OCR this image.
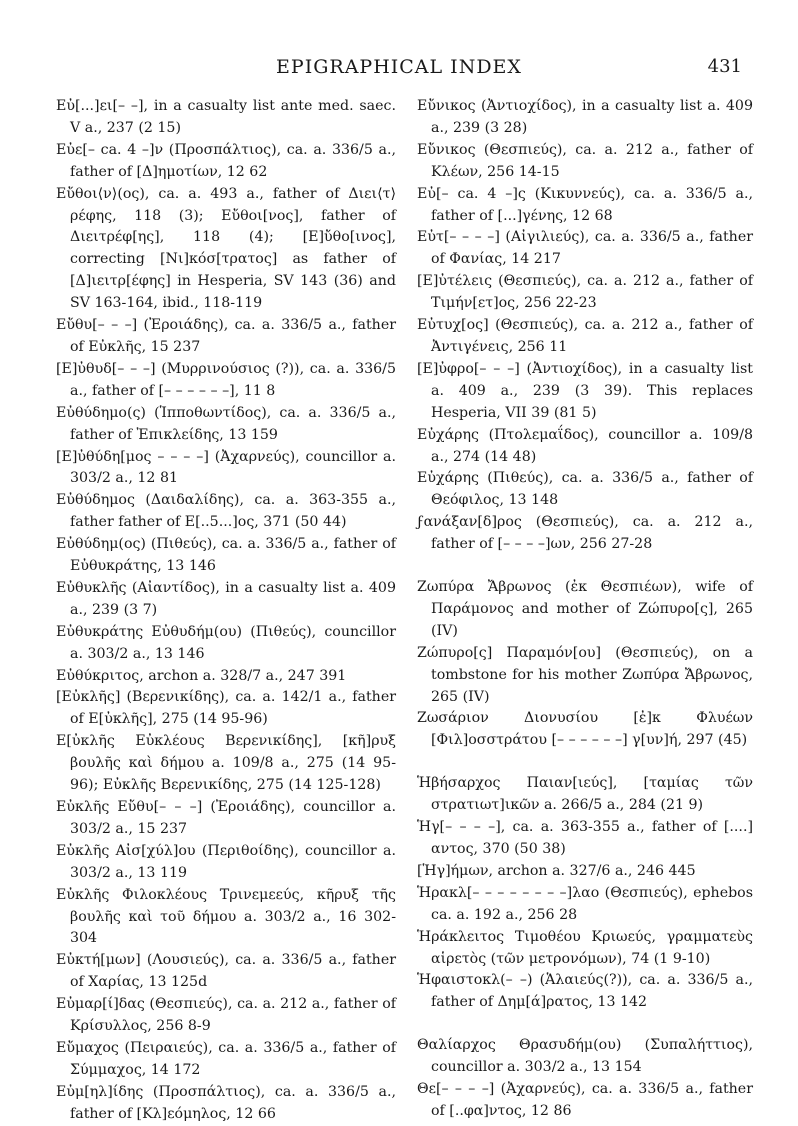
EPIGRAPHICAL INDEX	431

Εὐ[...]ει[– –], in a casualty list ante med. saec. V a., 237 (2 15)

Εὐε[– ca. 4 –]ν (Προσπάλτιος), ca. a. 336/5 a., father of [Δ]ημοτίων, 12 62

Εὔθοι⟨ν⟩(ος), ca. a. 493 a., father of Διει⟨τ⟩ρέφης, 118 (3); Εὔθοι[νος], father of Διειτρέφ[ης], 118 (4); [Ε]ὔθο[ινος], correcting [Νι]κόσ[τρατος] as father of [Δ]ιειτρ[έφης] in Hesperia, SV 143 (36) and SV 163-164, ibid., 118-119

Εὔθυ[– – –] (Ἐροιάδης), ca. a. 336/5 a., father of Εὐκλῆς, 15 237

[Ε]ὐθυδ[– – –] (Μυρρινούσιος (?)), ca. a. 336/5 a., father of [– – – – – –], 11 8

Εὐθύδημο(ς) (Ἱπποθωντίδος), ca. a. 336/5 a., father of Ἐπικλείδης, 13 159

[Ε]ὐθύδη[μος – – – –] (Ἀχαρνεύς), councillor a. 303/2 a., 12 81

Εὐθύδημος (Δαιδαλίδης), ca. a. 363-355 a., father father of Ε[..5...]ος, 371 (50 44)

Εὐθύδημ(ος) (Πιθεύς), ca. a. 336/5 a., father of Εὐθυκράτης, 13 146

Εὐθυκλῆς (Αἰαντίδος), in a casualty list a. 409 a., 239 (3 7)

Εὐθυκράτης Εὐθυδήμ(ου) (Πιθεύς), councillor a. 303/2 a., 13 146

Εὐθύκριτος, archon a. 328/7 a., 247 391

[Εὐκλῆς] (Βερενικίδης), ca. a. 142/1 a., father of Ε[ὐκλῆς], 275 (14 95-96)

Ε[ὐκλῆς Εὐκλέους Βερενικίδης], [κῆ]ρυξ βουλῆς καὶ δήμου a. 109/8 a., 275 (14 95-96); Εὐκλῆς Βερενικίδης, 275 (14 125-128)

Εὐκλῆς Εὔθυ[– – –] (Ἐροιάδης), councillor a. 303/2 a., 15 237

Εὐκλῆς Αἰσ[χύλ]ου (Περιθοίδης), councillor a. 303/2 a., 13 119

Εὐκλῆς Φιλοκλέους Τρινεμεεύς, κῆρυξ τῆς βουλῆς καὶ τοῦ δήμου a. 303/2 a., 16 302-304

Εὐκτή[μων] (Λουσιεύς), ca. a. 336/5 a., father of Χαρίας, 13 125d

Εὐμαρ[ί]δας (Θεσπιεύς), ca. a. 212 a., father of Κρίσυλλος, 256 8-9

Εὔμαχος (Πειραιεύς), ca. a. 336/5 a., father of Σύμμαχος, 14 172

Εὐμ[ηλ]ίδης (Προσπάλτιος), ca. a. 336/5 a., father of [Κλ]εόμηλος, 12 66

Εὔνικος (Ἀντιοχίδος), in a casualty list a. 409 a., 239 (3 28)

Εὔνικος (Θεσπιεύς), ca. a. 212 a., father of Κλέων, 256 14-15

Εὐ[– ca. 4 –]ς (Κικυννεύς), ca. a. 336/5 a., father of [...]γένης, 12 68

Εὐτ[– – – –] (Αἰγιλιεύς), ca. a. 336/5 a., father of Φανίας, 14 217

[Ε]ὐτέλεις (Θεσπιεύς), ca. a. 212 a., father of Τιμήν[ετ]ος, 256 22-23

Εὐτυχ[ος] (Θεσπιεύς), ca. a. 212 a., father of Ἀντιγένεις, 256 11

[Ε]ὐφρο[– – –] (Ἀντιοχίδος), in a casualty list a. 409 a., 239 (3 39). This replaces Hesperia, VII 39 (81 5)

Εὐχάρης (Πτολεμαΐδος), councillor a. 109/8 a., 274 (14 48)

Εὐχάρης (Πιθεύς), ca. a. 336/5 a., father of Θεόφιλος, 13 148

ϝανάξαν[δ]ρος (Θεσπιεύς), ca. a. 212 a., father of [– – – –]ων, 256 27-28

Ζωπύρα Ἄβρωνος (ἐκ Θεσπιέων), wife of Παράμονος and mother of Ζώπυρο[ς], 265 (IV)

Ζώπυρο[ς] Παραμόν[ου] (Θεσπιεύς), on a tombstone for his mother Ζωπύρα Ἄβρωνος, 265 (IV)

Ζωσάριον Διονυσίου [ἐ]κ Φλυέων [Φιλ]οσστράτου [– – – – – –] γ[υν]ή, 297 (45)

Ἡβήσαρχος Παιαν[ιεύς], [ταμίας τῶν στρατιωτ]ικῶν a. 266/5 a., 284 (21 9)

Ἡγ[– – – –], ca. a. 363-355 a., father of [....] αντος, 370 (50 38)

[Ἡγ]ήμων, archon a. 327/6 a., 246 445

Ἡρακλ[– – – – – – – –]λαο (Θεσπιεύς), ephebos ca. a. 192 a., 256 28

Ἡράκλειτος Τιμοθέου Κριωεύς, γραμματεὺς αἱρετὸς (τῶν μετρονόμων), 74 (1 9-10)

Ἡφαιστοκλ(– –) (Ἁλαιεύς(?)), ca. a. 336/5 a., father of Δημ[ά]ρατος, 13 142

Θαλίαρχος Θρασυδήμ(ου) (Συπαλήττιος), councillor a. 303/2 a., 13 154

Θε[– – – –] (Ἀχαρνεύς), ca. a. 336/5 a., father of [..φα]ντος, 12 86
